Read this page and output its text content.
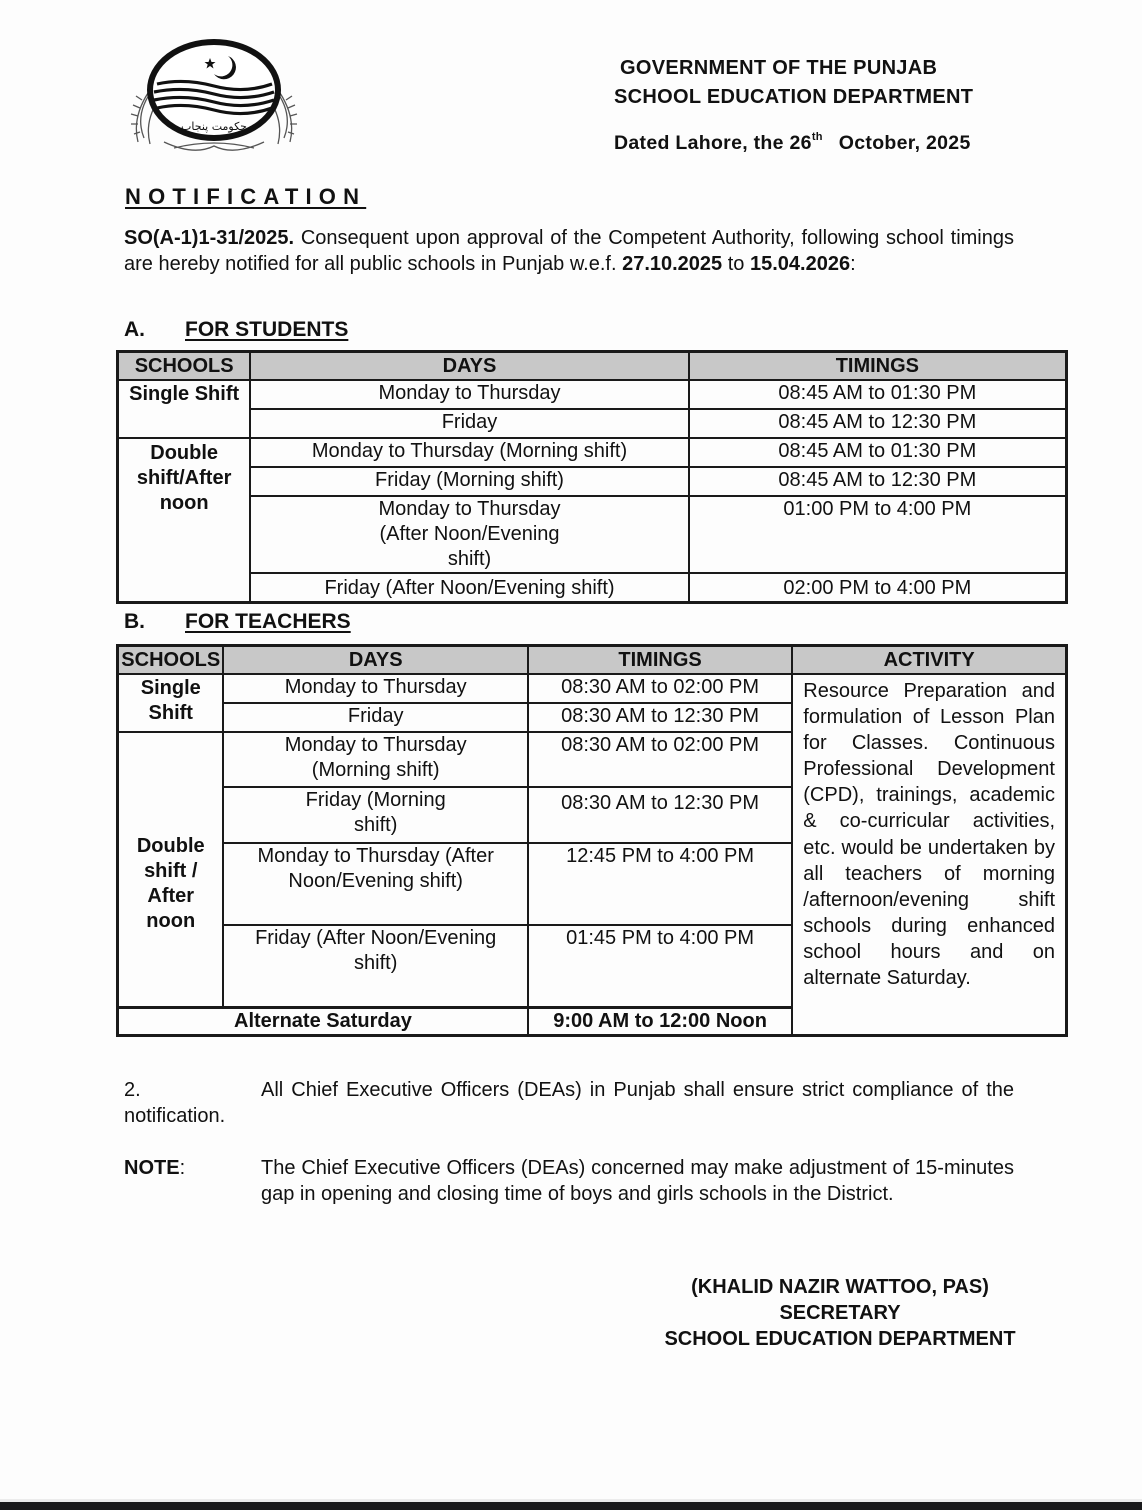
حکومت پنجاب
GOVERNMENT OF THE PUNJAB
SCHOOL EDUCATION DEPARTMENT
Dated Lahore, the 26th October, 2025
NOTIFICATION
SO(A-1)1-31/2025. Consequent upon approval of the Competent Authority, following school timings are hereby notified for all public schools in Punjab w.e.f. 27.10.2025 to 15.04.2026:
A. FOR STUDENTS
SCHOOLS	DAYS	TIMINGS
Single Shift	Monday to Thursday	08:45 AM to 01:30 PM
	Friday	08:45 AM to 12:30 PM
Double shift/After noon	Monday to Thursday (Morning shift)	08:45 AM to 01:30 PM
	Friday (Morning shift)	08:45 AM to 12:30 PM
	Monday to Thursday (After Noon/Evening shift)	01:00 PM to 4:00 PM
	Friday (After Noon/Evening shift)	02:00 PM to 4:00 PM
B. FOR TEACHERS
SCHOOLS	DAYS	TIMINGS	ACTIVITY
Single Shift	Monday to Thursday	08:30 AM to 02:00 PM	Resource Preparation and formulation of Lesson Plan for Classes. Continuous Professional Development (CPD), trainings, academic & co-curricular activities, etc. would be undertaken by all teachers of morning /afternoon/evening shift schools during enhanced school hours and on alternate Saturday.
	Friday	08:30 AM to 12:30 PM	
Double shift / After noon	Monday to Thursday (Morning shift)	08:30 AM to 02:00 PM	
	Friday (Morning shift)	08:30 AM to 12:30 PM	
	Monday to Thursday (After Noon/Evening shift)	12:45 PM to 4:00 PM	
	Friday (After Noon/Evening shift)	01:45 PM to 4:00 PM	
Alternate Saturday		9:00 AM to 12:00 Noon	
2.	All Chief Executive Officers (DEAs) in Punjab shall ensure strict compliance of the notification.
NOTE:	The Chief Executive Officers (DEAs) concerned may make adjustment of 15-minutes gap in opening and closing time of boys and girls schools in the District.
(KHALID NAZIR WATTOO, PAS)
SECRETARY
SCHOOL EDUCATION DEPARTMENT
